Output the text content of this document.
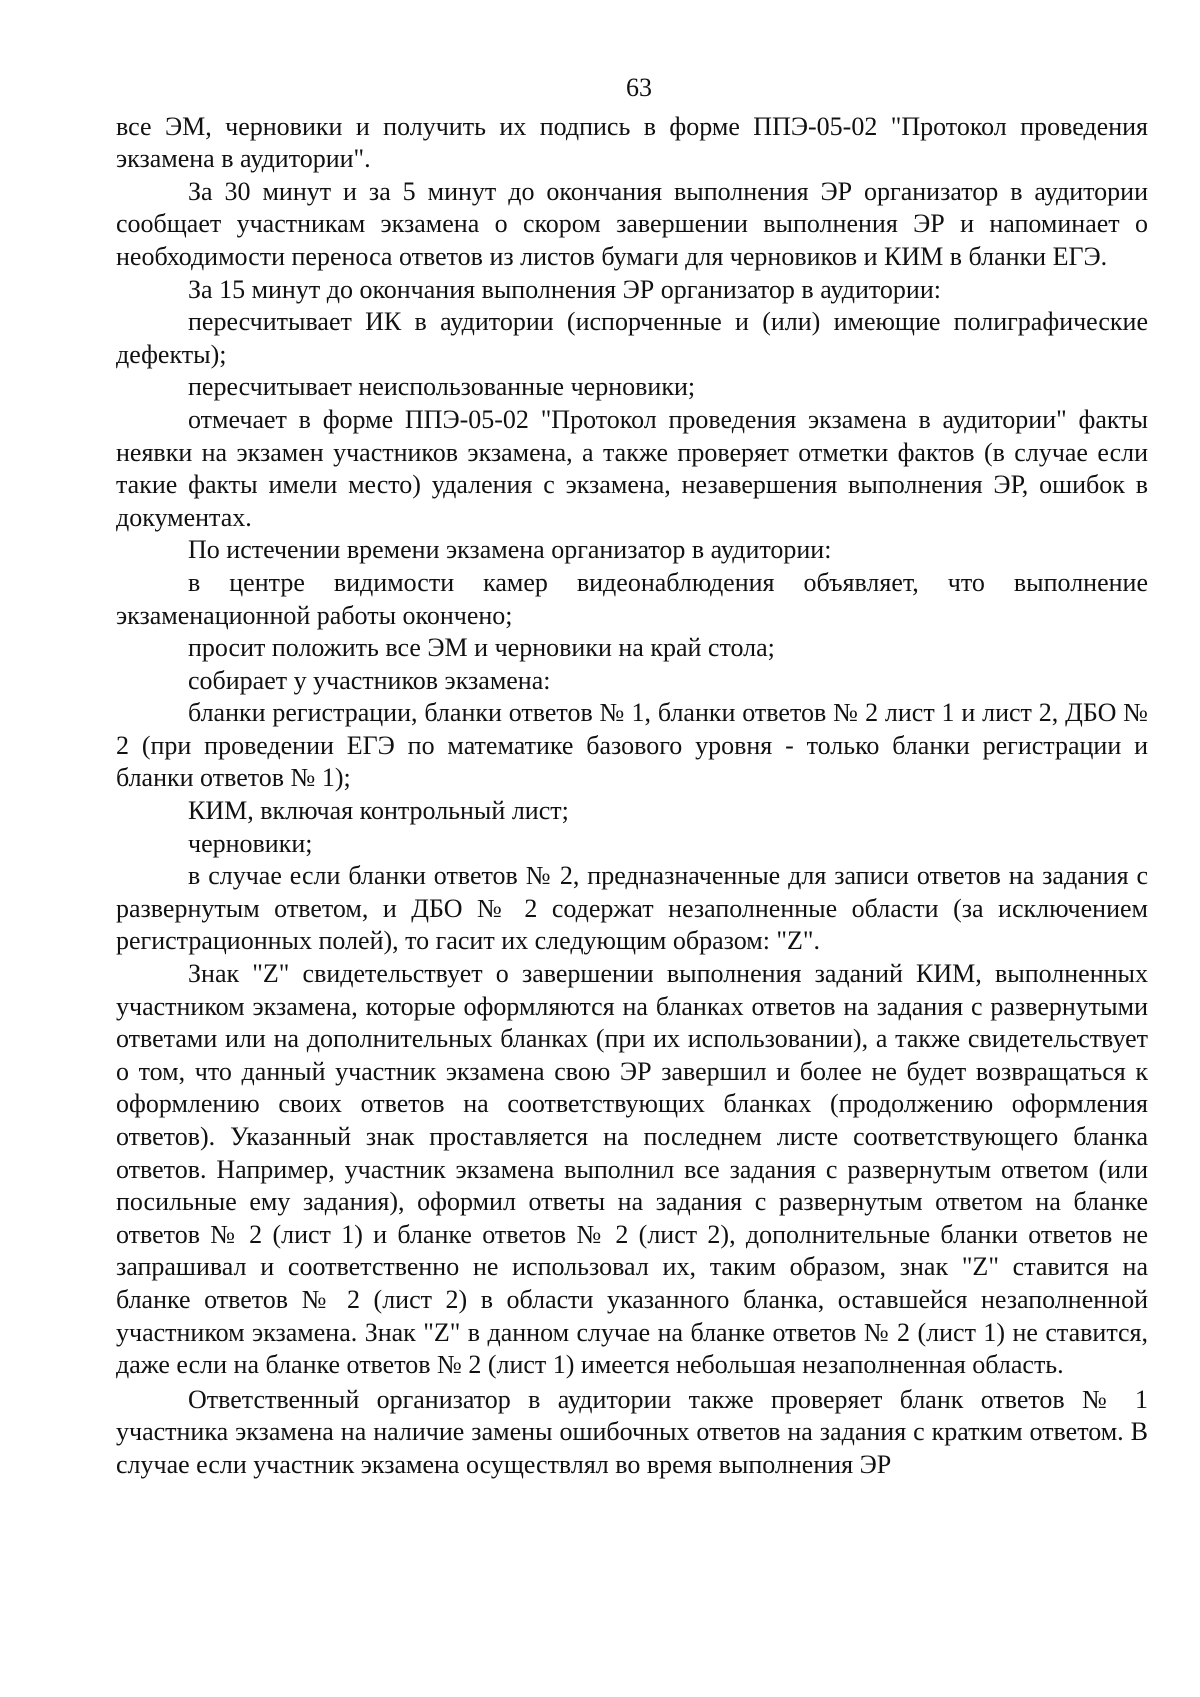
63

все ЭМ, черновики и получить их подпись в форме ППЭ-05-02 "Протокол проведения экзамена в аудитории".

За 30 минут и за 5 минут до окончания выполнения ЭР организатор в аудитории сообщает участникам экзамена о скором завершении выполнения ЭР и напоминает о необходимости переноса ответов из листов бумаги для черновиков и КИМ в бланки ЕГЭ.

За 15 минут до окончания выполнения ЭР организатор в аудитории:

пересчитывает ИК в аудитории (испорченные и (или) имеющие полиграфические дефекты);

пересчитывает неиспользованные черновики;

отмечает в форме ППЭ-05-02 "Протокол проведения экзамена в аудитории" факты неявки на экзамен участников экзамена, а также проверяет отметки фактов (в случае если такие факты имели место) удаления с экзамена, незавершения выполнения ЭР, ошибок в документах.

По истечении времени экзамена организатор в аудитории:

в центре видимости камер видеонаблюдения объявляет, что выполнение экзаменационной работы окончено;

просит положить все ЭМ и черновики на край стола;

собирает у участников экзамена:

бланки регистрации, бланки ответов № 1, бланки ответов № 2 лист 1 и лист 2, ДБО № 2 (при проведении ЕГЭ по математике базового уровня - только бланки регистрации и бланки ответов № 1);

КИМ, включая контрольный лист;

черновики;

в случае если бланки ответов № 2, предназначенные для записи ответов на задания с развернутым ответом, и ДБО № 2 содержат незаполненные области (за исключением регистрационных полей), то гасит их следующим образом: "Z".

Знак "Z" свидетельствует о завершении выполнения заданий КИМ, выполненных участником экзамена, которые оформляются на бланках ответов на задания с развернутыми ответами или на дополнительных бланках (при их использовании), а также свидетельствует о том, что данный участник экзамена свою ЭР завершил и более не будет возвращаться к оформлению своих ответов на соответствующих бланках (продолжению оформления ответов). Указанный знак проставляется на последнем листе соответствующего бланка ответов. Например, участник экзамена выполнил все задания с развернутым ответом (или посильные ему задания), оформил ответы на задания с развернутым ответом на бланке ответов № 2 (лист 1) и бланке ответов № 2 (лист 2), дополнительные бланки ответов не запрашивал и соответственно не использовал их, таким образом, знак "Z" ставится на бланке ответов № 2 (лист 2) в области указанного бланка, оставшейся незаполненной участником экзамена. Знак "Z" в данном случае на бланке ответов № 2 (лист 1) не ставится, даже если на бланке ответов № 2 (лист 1) имеется небольшая незаполненная область.

Ответственный организатор в аудитории также проверяет бланк ответов № 1 участника экзамена на наличие замены ошибочных ответов на задания с кратким ответом. В случае если участник экзамена осуществлял во время выполнения ЭР
